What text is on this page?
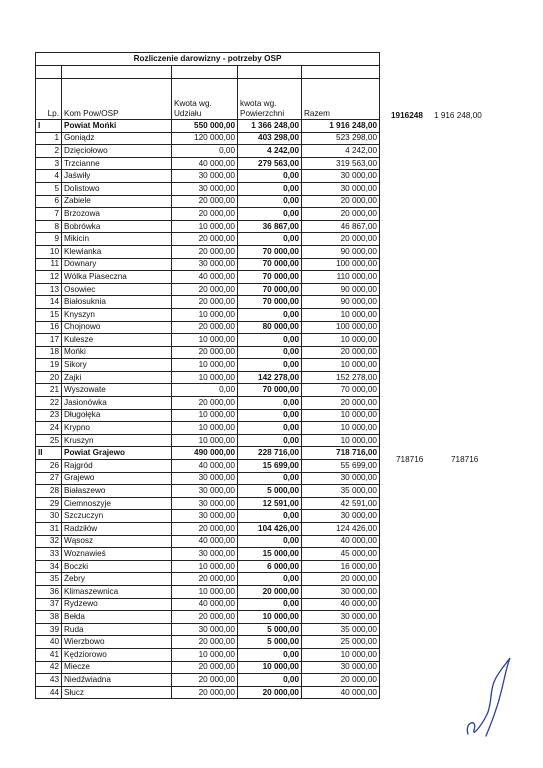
Rozliczenie darowizny - potrzeby OSP				

Lp.	Kom Pow/OSP	Kwota wg. Udziału	kwota wg. Powierzchni	Razem
I	Powiat Mońki	550 000,00	1 366 248,00	1 916 248,00
1	Goniądz	120 000,00	403 298,00	523 298,00
2	Dzięciołowo	0,00	4 242,00	4 242,00
3	Trzcianne	40 000,00	279 563,00	319 563,00
4	Jaświły	30 000,00	0,00	30 000,00
5	Dolistowo	30 000,00	0,00	30 000,00
6	Zabiele	20 000,00	0,00	20 000,00
7	Brzozowa	20 000,00	0,00	20 000,00
8	Bobrówka	10 000,00	36 867,00	46 867,00
9	Mikicin	20 000,00	0,00	20 000,00
10	Klewianka	20 000,00	70 000,00	90 000,00
11	Downary	30 000,00	70 000,00	100 000,00
12	Wólka Piaseczna	40 000,00	70 000,00	110 000,00
13	Osowiec	20 000,00	70 000,00	90 000,00
14	Białosuknia	20 000,00	70 000,00	90 000,00
15	Knyszyn	10 000,00	0,00	10 000,00
16	Chojnowo	20 000,00	80 000,00	100 000,00
17	Kulesze	10 000,00	0,00	10 000,00
18	Mońki	20 000,00	0,00	20 000,00
19	Sikory	10 000,00	0,00	10 000,00
20	Zajki	10 000,00	142 278,00	152 278,00
21	Wyszowate	0,00	70 000,00	70 000,00
22	Jasionówka	20 000,00	0,00	20 000,00
23	Długołęka	10 000,00	0,00	10 000,00
24	Krypno	10 000,00	0,00	10 000,00
25	Kruszyn	10 000,00	0,00	10 000,00
II	Powiat Grajewo	490 000,00	228 716,00	718 716,00
26	Rajgród	40 000,00	15 699,00	55 699,00
27	Grajewo	30 000,00	0,00	30 000,00
28	Białaszewo	30 000,00	5 000,00	35 000,00
29	Ciemnoszyje	30 000,00	12 591,00	42 591,00
30	Szczuczyn	30 000,00	0,00	30 000,00
31	Radziłów	20 000,00	104 426,00	124 426,00
32	Wąsosz	40 000,00	0,00	40 000,00
33	Woznawieś	30 000,00	15 000,00	45 000,00
34	Boczki	10 000,00	6 000,00	16 000,00
35	Żebry	20 000,00	0,00	20 000,00
36	Klimaszewnica	10 000,00	20 000,00	30 000,00
37	Rydzewo	40 000,00	0,00	40 000,00
38	Bełda	20 000,00	10 000,00	30 000,00
39	Ruda	30 000,00	5 000,00	35 000,00
40	Wierzbowo	20 000,00	5 000,00	25 000,00
41	Kędziorowo	10 000,00	0,00	10 000,00
42	Miecze	20 000,00	10 000,00	30 000,00
43	Niedźwiadna	20 000,00	0,00	20 000,00
44	Słucz	20 000,00	20 000,00	40 000,00
1916248 1 916 248,00
718716	718716
